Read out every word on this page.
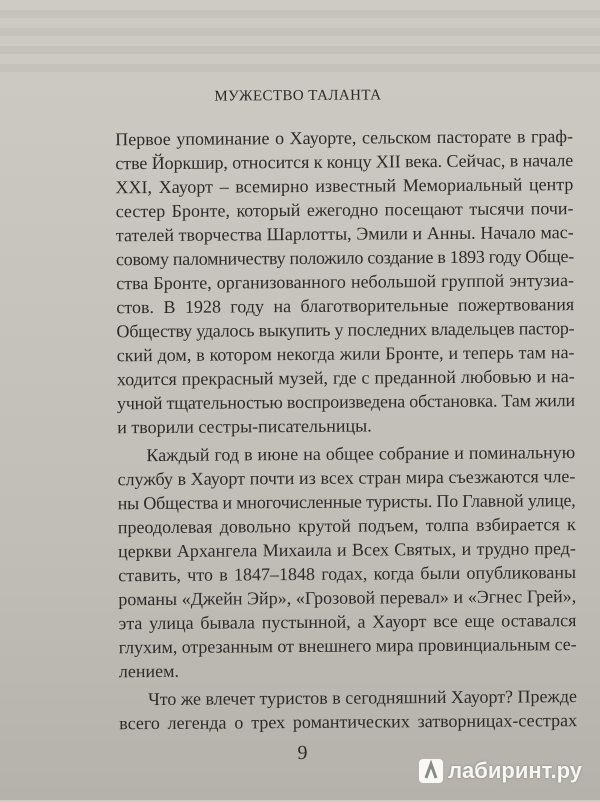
МУЖЕСТВО ТАЛАНТА
Первое упоминание о Хауорте, сельском пасторате в граф-
стве Йоркшир, относится к концу XII века. Сейчас, в начале
XXI, Хауорт – всемирно известный Мемориальный центр
сестер Бронте, который ежегодно посещают тысячи почи-
тателей творчества Шарлотты, Эмили и Анны. Начало мас-
совому паломничеству положило создание в 1893 году Обще-
ства Бронте, организованного небольшой группой энтузиа-
стов. В 1928 году на благотворительные пожертвования
Обществу удалось выкупить у последних владельцев пастор-
ский дом, в котором некогда жили Бронте, и теперь там на-
ходится прекрасный музей, где с преданной любовью и на-
учной тщательностью воспроизведена обстановка. Там жили
и творили сестры-писательницы.
Каждый год в июне на общее собрание и поминальную
службу в Хауорт почти из всех стран мира съезжаются чле-
ны Общества и многочисленные туристы. По Главной улице,
преодолевая довольно крутой подъем, толпа взбирается к
церкви Архангела Михаила и Всех Святых, и трудно пред-
ставить, что в 1847–1848 годах, когда были опубликованы
романы «Джейн Эйр», «Грозовой перевал» и «Эгнес Грей»,
эта улица бывала пустынной, а Хауорт все еще оставался
глухим, отрезанным от внешнего мира провинциальным се-
лением.
Что же влечет туристов в сегодняшний Хауорт? Прежде
всего легенда о трех романтических затворницах-сестрах
9
лабиринт.ру
